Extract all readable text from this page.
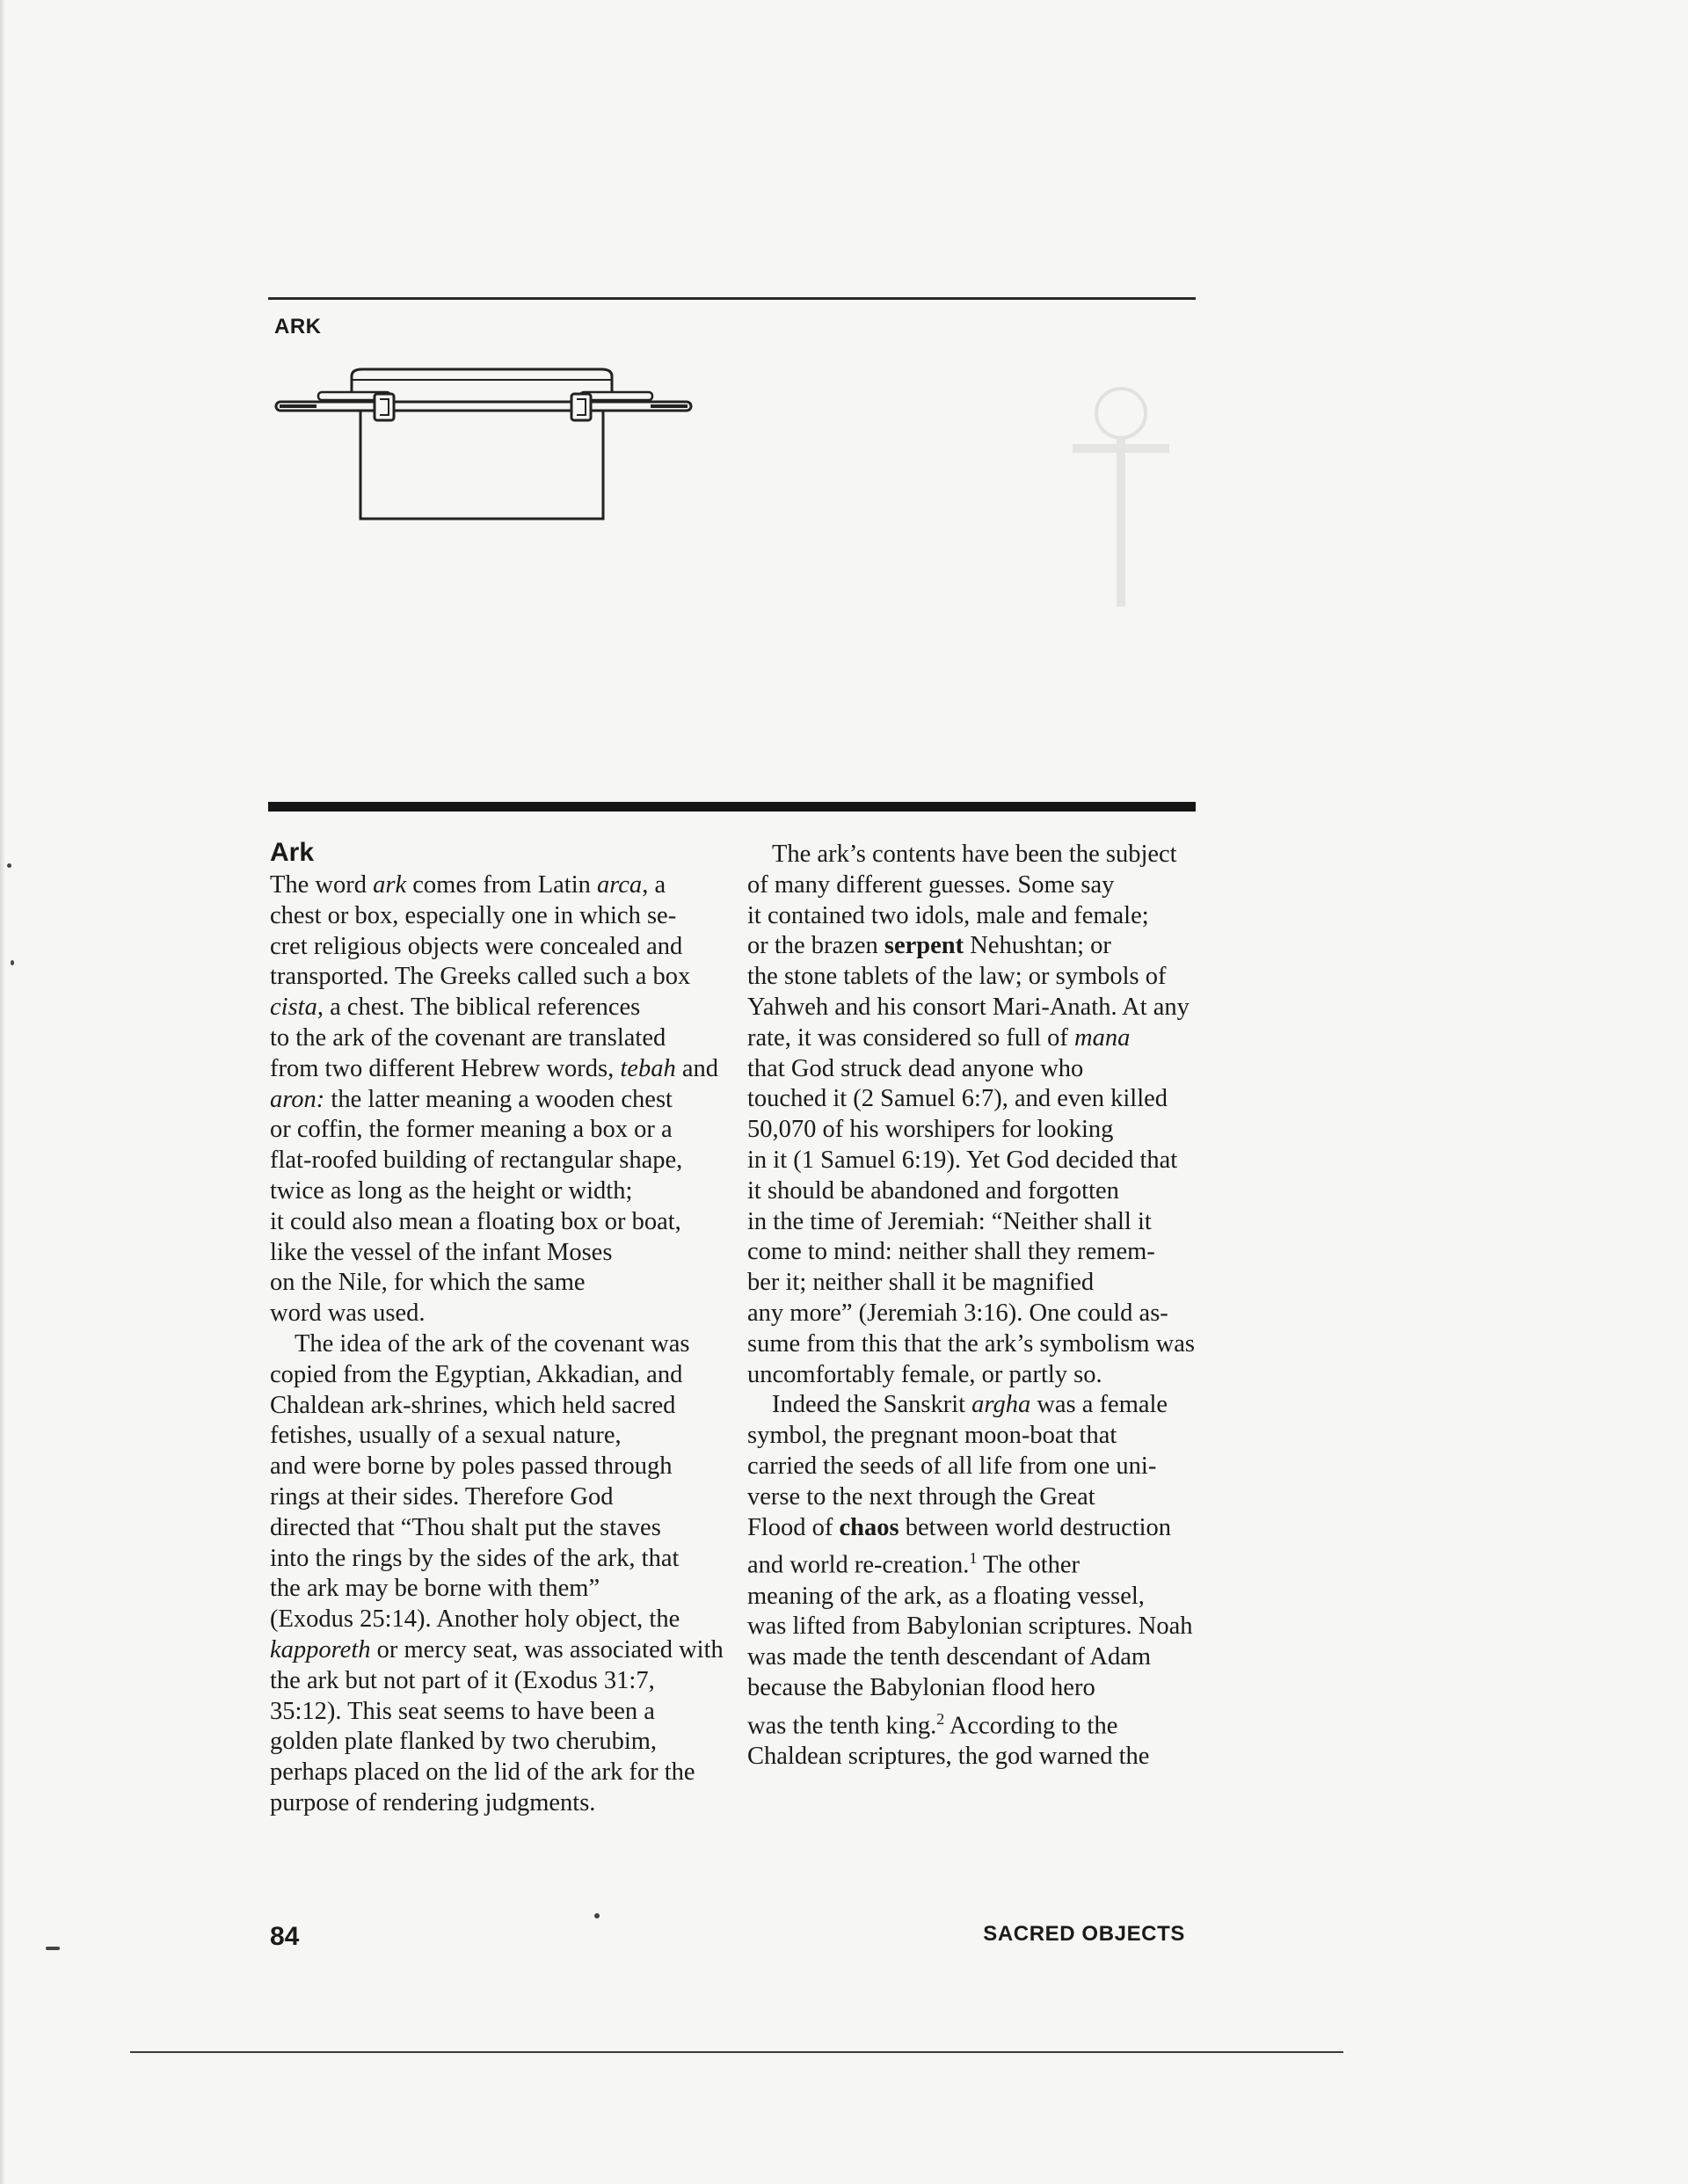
ARK
Ark
The word ark comes from Latin arca, a
chest or box, especially one in which se-
cret religious objects were concealed and
transported. The Greeks called such a box
cista, a chest. The biblical references
to the ark of the covenant are translated
from two different Hebrew words, tebah and
aron: the latter meaning a wooden chest
or coffin, the former meaning a box or a
flat-roofed building of rectangular shape,
twice as long as the height or width;
it could also mean a floating box or boat,
like the vessel of the infant Moses
on the Nile, for which the same
word was used.
The idea of the ark of the covenant was
copied from the Egyptian, Akkadian, and
Chaldean ark-shrines, which held sacred
fetishes, usually of a sexual nature,
and were borne by poles passed through
rings at their sides. Therefore God
directed that “Thou shalt put the staves
into the rings by the sides of the ark, that
the ark may be borne with them”
(Exodus 25:14). Another holy object, the
kapporeth or mercy seat, was associated with
the ark but not part of it (Exodus 31:7,
35:12). This seat seems to have been a
golden plate flanked by two cherubim,
perhaps placed on the lid of the ark for the
purpose of rendering judgments.
The ark’s contents have been the subject
of many different guesses. Some say
it contained two idols, male and female;
or the brazen serpent Nehushtan; or
the stone tablets of the law; or symbols of
Yahweh and his consort Mari-Anath. At any
rate, it was considered so full of mana
that God struck dead anyone who
touched it (2 Samuel 6:7), and even killed
50,070 of his worshipers for looking
in it (1 Samuel 6:19). Yet God decided that
it should be abandoned and forgotten
in the time of Jeremiah: “Neither shall it
come to mind: neither shall they remem-
ber it; neither shall it be magnified
any more” (Jeremiah 3:16). One could as-
sume from this that the ark’s symbolism was
uncomfortably female, or partly so.
Indeed the Sanskrit argha was a female
symbol, the pregnant moon-boat that
carried the seeds of all life from one uni-
verse to the next through the Great
Flood of chaos between world destruction
and world re-creation.$^1$ The other
meaning of the ark, as a floating vessel,
was lifted from Babylonian scriptures. Noah
was made the tenth descendant of Adam
because the Babylonian flood hero
was the tenth king.$^2$ According to the
Chaldean scriptures, the god warned the
84	SACRED OBJECTS
